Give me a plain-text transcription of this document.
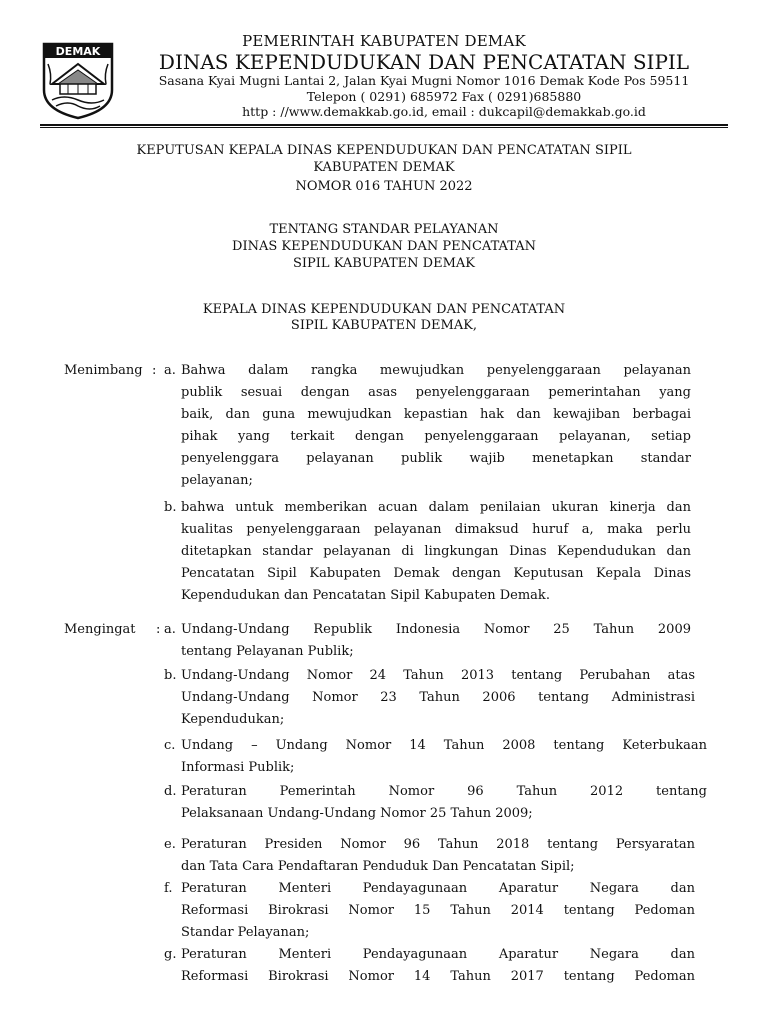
DEMAK
PEMERINTAH KABUPATEN DEMAK
DINAS KEPENDUDUKAN DAN PENCATATAN SIPIL
Sasana Kyai Mugni Lantai 2, Jalan Kyai Mugni Nomor 1016 Demak Kode Pos 59511
Telepon ( 0291) 685972 Fax ( 0291)685880
http : //www.demakkab.go.id, email : dukcapil@demakkab.go.id
KEPUTUSAN KEPALA DINAS KEPENDUDUKAN DAN PENCATATAN SIPIL
KABUPATEN DEMAK
NOMOR 016 TAHUN 2022
TENTANG STANDAR PELAYANAN
DINAS KEPENDUDUKAN DAN PENCATATAN
SIPIL KABUPATEN DEMAK
KEPALA DINAS KEPENDUDUKAN DAN PENCATATAN
SIPIL KABUPATEN DEMAK,
Menimbang : a. Bahwa dalam rangka mewujudkan penyelenggaraan pelayanan
publik sesuai dengan asas penyelenggaraan pemerintahan yang
baik, dan guna mewujudkan kepastian hak dan kewajiban berbagai
pihak yang terkait dengan penyelenggaraan pelayanan, setiap
penyelenggara pelayanan publik wajib menetapkan standar
pelayanan;
b. bahwa untuk memberikan acuan dalam penilaian ukuran kinerja dan
kualitas penyelenggaraan pelayanan dimaksud huruf a, maka perlu
ditetapkan standar pelayanan di lingkungan Dinas Kependudukan dan
Pencatatan Sipil Kabupaten Demak dengan Keputusan Kepala Dinas
Kependudukan dan Pencatatan Sipil Kabupaten Demak.
Mengingat : a. Undang-Undang Republik Indonesia Nomor 25 Tahun 2009
tentang Pelayanan Publik;
b. Undang-Undang Nomor 24 Tahun 2013 tentang Perubahan atas
Undang-Undang Nomor 23 Tahun 2006 tentang Administrasi
Kependudukan;
c. Undang – Undang Nomor 14 Tahun 2008 tentang Keterbukaan
Informasi Publik;
d. Peraturan Pemerintah Nomor 96 Tahun 2012 tentang
Pelaksanaan Undang-Undang Nomor 25 Tahun 2009;
e. Peraturan Presiden Nomor 96 Tahun 2018 tentang Persyaratan
dan Tata Cara Pendaftaran Penduduk Dan Pencatatan Sipil;
f. Peraturan Menteri Pendayagunaan Aparatur Negara dan
Reformasi Birokrasi Nomor 15 Tahun 2014 tentang Pedoman
Standar Pelayanan;
g. Peraturan Menteri Pendayagunaan Aparatur Negara dan
Reformasi Birokrasi Nomor 14 Tahun 2017 tentang Pedoman
